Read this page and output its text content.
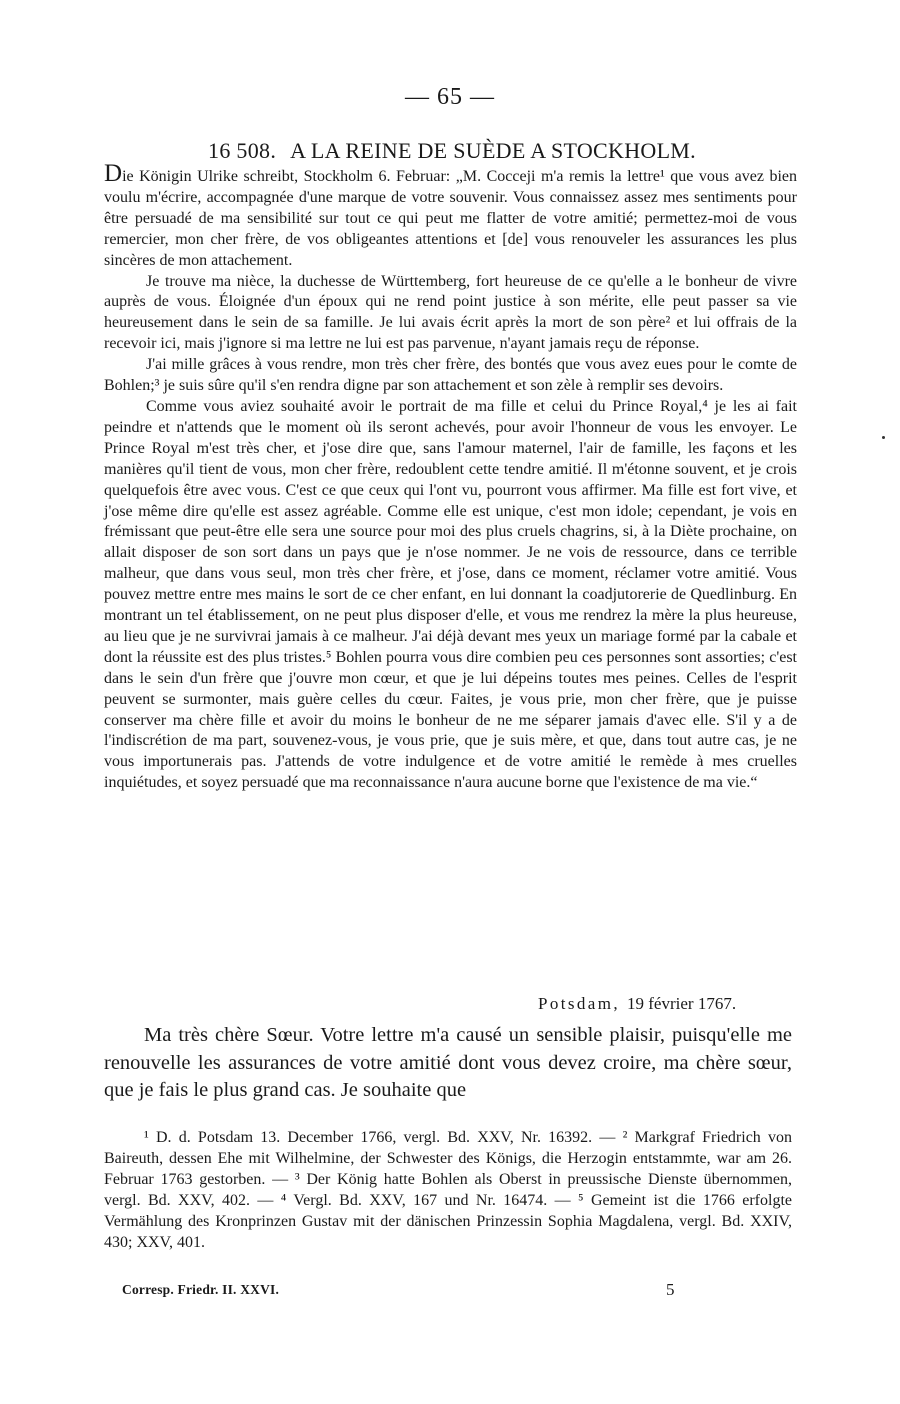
— 65 —
16 508. A LA REINE DE SUÈDE A STOCKHOLM.

Die Königin Ulrike schreibt, Stockholm 6. Februar: „M. Cocceji m'a remis la lettre¹ que vous avez bien voulu m'écrire, accompagnée d'une marque de votre souvenir. Vous connaissez assez mes sentiments pour être persuadé de ma sensibilité sur tout ce qui peut me flatter de votre amitié; permettez-moi de vous remercier, mon cher frère, de vos obligeantes attentions et [de] vous renouveler les assurances les plus sincères de mon attachement.

Je trouve ma nièce, la duchesse de Württemberg, fort heureuse de ce qu'elle a le bonheur de vivre auprès de vous. Éloignée d'un époux qui ne rend point justice à son mérite, elle peut passer sa vie heureusement dans le sein de sa famille. Je lui avais écrit après la mort de son père² et lui offrais de la recevoir ici, mais j'ignore si ma lettre ne lui est pas parvenue, n'ayant jamais reçu de réponse.

J'ai mille grâces à vous rendre, mon très cher frère, des bontés que vous avez eues pour le comte de Bohlen;³ je suis sûre qu'il s'en rendra digne par son attachement et son zèle à remplir ses devoirs.

Comme vous aviez souhaité avoir le portrait de ma fille et celui du Prince Royal,⁴ je les ai fait peindre et n'attends que le moment où ils seront achevés, pour avoir l'honneur de vous les envoyer. Le Prince Royal m'est très cher, et j'ose dire que, sans l'amour maternel, l'air de famille, les façons et les manières qu'il tient de vous, mon cher frère, redoublent cette tendre amitié. Il m'étonne souvent, et je crois quelquefois être avec vous. C'est ce que ceux qui l'ont vu, pourront vous affirmer. Ma fille est fort vive, et j'ose même dire qu'elle est assez agréable. Comme elle est unique, c'est mon idole; cependant, je vois en frémissant que peut-être elle sera une source pour moi des plus cruels chagrins, si, à la Diète prochaine, on allait disposer de son sort dans un pays que je n'ose nommer. Je ne vois de ressource, dans ce terrible malheur, que dans vous seul, mon très cher frère, et j'ose, dans ce moment, réclamer votre amitié. Vous pouvez mettre entre mes mains le sort de ce cher enfant, en lui donnant la coadjutorerie de Quedlinburg. En montrant un tel établissement, on ne peut plus disposer d'elle, et vous me rendrez la mère la plus heureuse, au lieu que je ne survivrai jamais à ce malheur. J'ai déjà devant mes yeux un mariage formé par la cabale et dont la réussite est des plus tristes.⁵ Bohlen pourra vous dire combien peu ces personnes sont assorties; c'est dans le sein d'un frère que j'ouvre mon cœur, et que je lui dépeins toutes mes peines. Celles de l'esprit peuvent se surmonter, mais guère celles du cœur. Faites, je vous prie, mon cher frère, que je puisse conserver ma chère fille et avoir du moins le bonheur de ne me séparer jamais d'avec elle. S'il y a de l'indiscrétion de ma part, souvenez-vous, je vous prie, que je suis mère, et que, dans tout autre cas, je ne vous importunerais pas. J'attends de votre indulgence et de votre amitié le remède à mes cruelles inquiétudes, et soyez persuadé que ma reconnaissance n'aura aucune borne que l'existence de ma vie.“

Potsdam, 19 février 1767.

Ma très chère Sœur. Votre lettre m'a causé un sensible plaisir, puisqu'elle me renouvelle les assurances de votre amitié dont vous devez croire, ma chère sœur, que je fais le plus grand cas. Je souhaite que

¹ D. d. Potsdam 13. December 1766, vergl. Bd. XXV, Nr. 16392. — ² Markgraf Friedrich von Baireuth, dessen Ehe mit Wilhelmine, der Schwester des Königs, die Herzogin entstammte, war am 26. Februar 1763 gestorben. — ³ Der König hatte Bohlen als Oberst in preussische Dienste übernommen, vergl. Bd. XXV, 402. — ⁴ Vergl. Bd. XXV, 167 und Nr. 16474. — ⁵ Gemeint ist die 1766 erfolgte Vermählung des Kronprinzen Gustav mit der dänischen Prinzessin Sophia Magdalena, vergl. Bd. XXIV, 430; XXV, 401.

Corresp. Friedr. II. XXVI.	5
